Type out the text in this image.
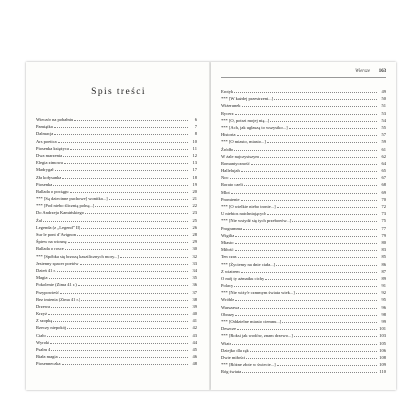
Spis treści
Wieczór na pobałniu	6
Pamiątka	7
Dalmacja	8
Ars poetica	10
Piosenka księżyca	11
Dwa marzenia	12
Elegia zimowa	13
Madrygał	17
Zła kołysanka	18
Piosenka	19
Ballada o pociągu	20
*** [Są dziecinne puchowe] wonitka...]	21
*** [Pod niebo ślicznią polną...]	22
Do Andrzeja Kamińskiego	23
Żal	25
Legenda (z „Legend” II)	26
Sur le pont d’Avignon	28
Śpiew na wiosnę	29
Ballada o rosce	30
*** [Spóbka się brzozą kasztlicznych mory...]	32
Jesienny spacer poetów	33
Dzień 41 r.	34
Magia	35
Pokolenie (Zima 41 r.)	36
Przypowieść	37
Bez imienia (Zima 41 r.)	38
Drzewa	39
Krzyż	40
Z szopką	41
Rzeczy niepokój	42
Ciało	43
Wyroki	44
Psalm 4	45
Biała magia	46
Piosenneczka	48
Wiersze 163
Erotyk	49
*** [W każdej przestrzeni...]	50
Wiżerunek	51
Rycerz	53
*** [O, potrzi mojej nią...]	54
*** [Ach, jak ugłaszą to wszystko...]	55
Historia	57
*** [O miasto, miasto...]	59
Źródło	61
W żale najczystszym	62
Romantyczność	64
Hallelujah	65
Noc	67
Rorato caeli	68
Mlot	69
Promienie	70
*** [O wielkie niebo tronie...]	72
U niebios natchniających	73
*** [Nie wstydź się tych przeboeów...]	75
Programma	77
Wigilia	79
Miasto	80
Miłość	83
Ten czas	85
*** [Życiemy na dnie ciała...]	86
Z wiatrem	87
O mój ty ażmatku cichy	89
Polacy	91
*** [Nie wiży'e czmmym świata wiek...]	92
Wróble	95
Warszawa	96
Obrazy	98
*** [Oddzielne miasto ciemnu...]	99
Deszcze	101
*** [Roksi jak wodów, znam drzewo...]	103
Wiatr	105
Dziejko dla rąk	106
Dwie miłości	108
*** [Różne złote w świecie...]	109
Róg świata	110
